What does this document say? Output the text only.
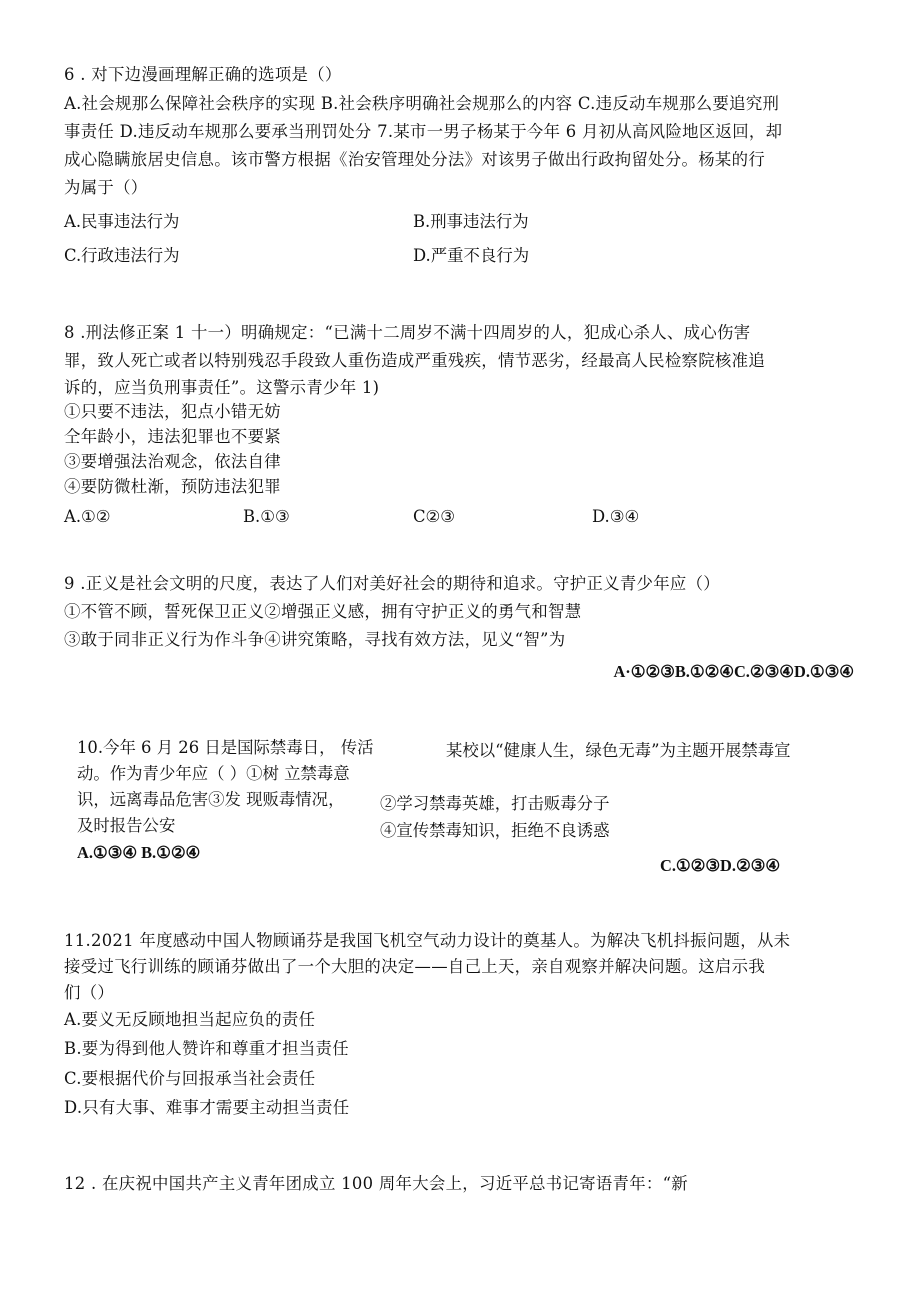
6 . 对下边漫画理解正确的选项是（）
A.社会规那么保障社会秩序的实现 B.社会秩序明确社会规那么的内容 C.违反动车规那么要追究刑
事责任 D.违反动车规那么要承当刑罚处分 7.某市一男子杨某于今年 6 月初从高风险地区返回，却
成心隐瞒旅居史信息。该市警方根据《治安管理处分法》对该男子做出行政拘留处分。杨某的行
为属于（）
A.民事违法行为	B.刑事违法行为
C.行政违法行为	D.严重不良行为
8 .刑法修正案 1 十一）明确规定：“已满十二周岁不满十四周岁的人，犯成心杀人、成心伤害
罪，致人死亡或者以特别残忍手段致人重伤造成严重残疾，情节恶劣，经最高人民检察院核准追
诉的，应当负刑事责任”。这警示青少年 1)
①只要不违法，犯点小错无妨
仝年龄小，违法犯罪也不要紧
③要增强法治观念，依法自律
④要防微杜渐，预防违法犯罪
A.①②	B.①③	C②③	D.③④
9 .正义是社会文明的尺度，表达了人们对美好社会的期待和追求。守护正义青少年应（）
①不管不顾，誓死保卫正义②增强正义感，拥有守护正义的勇气和智慧
③敢于同非正义行为作斗争④讲究策略，寻找有效方法，见义“智”为
A·①②③B.①②④C.②③④D.①③④
10.今年 6 月 26 日是国际禁毒日， 传活	某校以“健康人生，绿色无毒”为主题开展禁毒宣
动。作为青少年应（ ）①树 立禁毒意
识，远离毒品危害③发 现贩毒情况， ②学习禁毒英雄，打击贩毒分子
及时报告公安	④宣传禁毒知识，拒绝不良诱惑
A.①③④ B.①②④
C.①②③D.②③④
11.2021 年度感动中国人物顾诵芬是我国飞机空气动力设计的奠基人。为解决飞机抖振问题，从未
接受过飞行训练的顾诵芬做出了一个大胆的决定——自己上天，亲自观察并解决问题。这启示我
们（）
A.要义无反顾地担当起应负的责任
B.要为得到他人赞许和尊重才担当责任
C.要根据代价与回报承当社会责任
D.只有大事、难事才需要主动担当责任
12 . 在庆祝中国共产主义青年团成立 100 周年大会上，习近平总书记寄语青年：“新
